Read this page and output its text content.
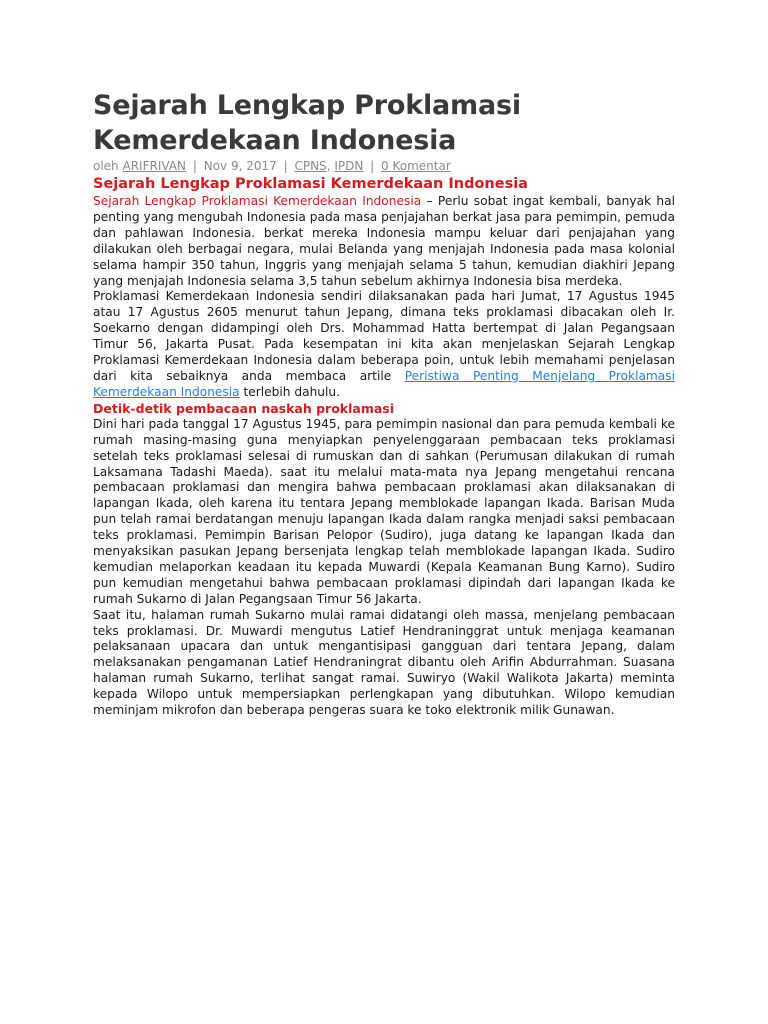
Sejarah Lengkap Proklamasi Kemerdekaan Indonesia
oleh ARIFRIVAN | Nov 9, 2017 | CPNS, IPDN | 0 Komentar
Sejarah Lengkap Proklamasi Kemerdekaan Indonesia

Sejarah Lengkap Proklamasi Kemerdekaan Indonesia – Perlu sobat ingat kembali, banyak hal penting yang mengubah Indonesia pada masa penjajahan berkat jasa para pemimpin, pemuda dan pahlawan Indonesia. berkat mereka Indonesia mampu keluar dari penjajahan yang dilakukan oleh berbagai negara, mulai Belanda yang menjajah Indonesia pada masa kolonial selama hampir 350 tahun, Inggris yang menjajah selama 5 tahun, kemudian diakhiri Jepang yang menjajah Indonesia selama 3,5 tahun sebelum akhirnya Indonesia bisa merdeka.

Proklamasi Kemerdekaan Indonesia sendiri dilaksanakan pada hari Jumat, 17 Agustus 1945 atau 17 Agustus 2605 menurut tahun Jepang, dimana teks proklamasi dibacakan oleh Ir. Soekarno dengan didampingi oleh Drs. Mohammad Hatta bertempat di Jalan Pegangsaan Timur 56, Jakarta Pusat. Pada kesempatan ini kita akan menjelaskan Sejarah Lengkap Proklamasi Kemerdekaan Indonesia dalam beberapa poin, untuk lebih memahami penjelasan dari kita sebaiknya anda membaca artile Peristiwa Penting Menjelang Proklamasi Kemerdekaan Indonesia terlebih dahulu.

Detik-detik pembacaan naskah proklamasi

Dini hari pada tanggal 17 Agustus 1945, para pemimpin nasional dan para pemuda kembali ke rumah masing-masing guna menyiapkan penyelenggaraan pembacaan teks proklamasi setelah teks proklamasi selesai di rumuskan dan di sahkan (Perumusan dilakukan di rumah Laksamana Tadashi Maeda). saat itu melalui mata-mata nya Jepang mengetahui rencana pembacaan proklamasi dan mengira bahwa pembacaan proklamasi akan dilaksanakan di lapangan Ikada, oleh karena itu tentara Jepang memblokade lapangan Ikada. Barisan Muda pun telah ramai berdatangan menuju lapangan Ikada dalam rangka menjadi saksi pembacaan teks proklamasi. Pemimpin Barisan Pelopor (Sudiro), juga datang ke lapangan Ikada dan menyaksikan pasukan Jepang bersenjata lengkap telah memblokade lapangan Ikada. Sudiro kemudian melaporkan keadaan itu kepada Muwardi (Kepala Keamanan Bung Karno). Sudiro pun kemudian mengetahui bahwa pembacaan proklamasi dipindah dari lapangan Ikada ke rumah Sukarno di Jalan Pegangsaan Timur 56 Jakarta.

Saat itu, halaman rumah Sukarno mulai ramai didatangi oleh massa, menjelang pembacaan teks proklamasi. Dr. Muwardi mengutus Latief Hendraninggrat untuk menjaga keamanan pelaksanaan upacara dan untuk mengantisipasi gangguan dari tentara Jepang, dalam melaksanakan pengamanan Latief Hendraningrat dibantu oleh Arifin Abdurrahman. Suasana halaman rumah Sukarno, terlihat sangat ramai. Suwiryo (Wakil Walikota Jakarta) meminta kepada Wilopo untuk mempersiapkan perlengkapan yang dibutuhkan. Wilopo kemudian meminjam mikrofon dan beberapa pengeras suara ke toko elektronik milik Gunawan.
